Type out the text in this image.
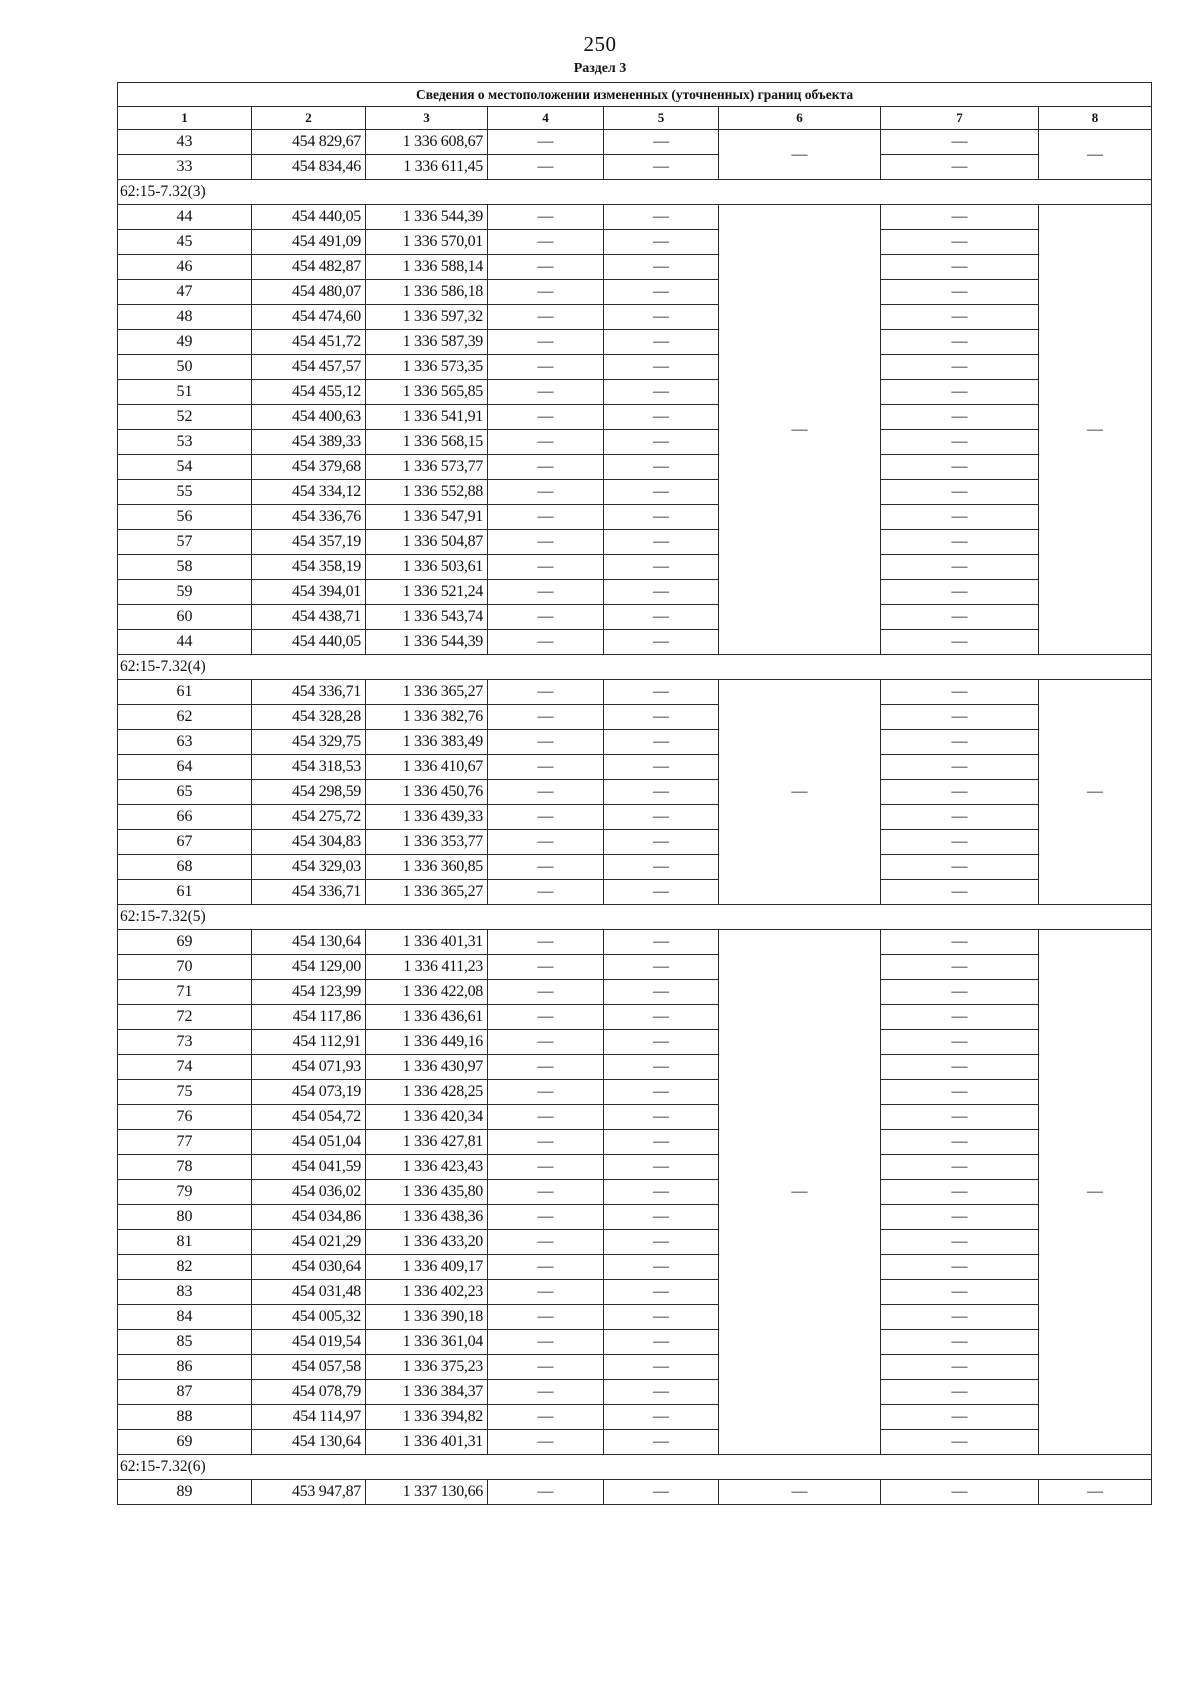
250
Раздел 3
Сведения о местоположении измененных (уточненных) границ объекта							
1	2	3	4	5	6	7	8
43	454 829,67	1 336 608,67	—	—	—	—	—
33	454 834,46	1 336 611,45	—	—		—	
62:15-7.32(3)							
44	454 440,05	1 336 544,39	—	—	—	—	—
45	454 491,09	1 336 570,01	—	—		—	
46	454 482,87	1 336 588,14	—	—		—	
47	454 480,07	1 336 586,18	—	—		—	
48	454 474,60	1 336 597,32	—	—		—	
49	454 451,72	1 336 587,39	—	—		—	
50	454 457,57	1 336 573,35	—	—		—	
51	454 455,12	1 336 565,85	—	—		—	
52	454 400,63	1 336 541,91	—	—		—	
53	454 389,33	1 336 568,15	—	—		—	
54	454 379,68	1 336 573,77	—	—		—	
55	454 334,12	1 336 552,88	—	—		—	
56	454 336,76	1 336 547,91	—	—		—	
57	454 357,19	1 336 504,87	—	—		—	
58	454 358,19	1 336 503,61	—	—		—	
59	454 394,01	1 336 521,24	—	—		—	
60	454 438,71	1 336 543,74	—	—		—	
44	454 440,05	1 336 544,39	—	—		—	
62:15-7.32(4)							
61	454 336,71	1 336 365,27	—	—	—	—	—
62	454 328,28	1 336 382,76	—	—		—	
63	454 329,75	1 336 383,49	—	—		—	
64	454 318,53	1 336 410,67	—	—		—	
65	454 298,59	1 336 450,76	—	—		—	
66	454 275,72	1 336 439,33	—	—		—	
67	454 304,83	1 336 353,77	—	—		—	
68	454 329,03	1 336 360,85	—	—		—	
61	454 336,71	1 336 365,27	—	—		—	
62:15-7.32(5)							
69	454 130,64	1 336 401,31	—	—	—	—	—
70	454 129,00	1 336 411,23	—	—		—	
71	454 123,99	1 336 422,08	—	—		—	
72	454 117,86	1 336 436,61	—	—		—	
73	454 112,91	1 336 449,16	—	—		—	
74	454 071,93	1 336 430,97	—	—		—	
75	454 073,19	1 336 428,25	—	—		—	
76	454 054,72	1 336 420,34	—	—		—	
77	454 051,04	1 336 427,81	—	—		—	
78	454 041,59	1 336 423,43	—	—		—	
79	454 036,02	1 336 435,80	—	—		—	
80	454 034,86	1 336 438,36	—	—		—	
81	454 021,29	1 336 433,20	—	—		—	
82	454 030,64	1 336 409,17	—	—		—	
83	454 031,48	1 336 402,23	—	—		—	
84	454 005,32	1 336 390,18	—	—		—	
85	454 019,54	1 336 361,04	—	—		—	
86	454 057,58	1 336 375,23	—	—		—	
87	454 078,79	1 336 384,37	—	—		—	
88	454 114,97	1 336 394,82	—	—		—	
69	454 130,64	1 336 401,31	—	—		—	
62:15-7.32(6)							
89	453 947,87	1 337 130,66	—	—	—	—	—
